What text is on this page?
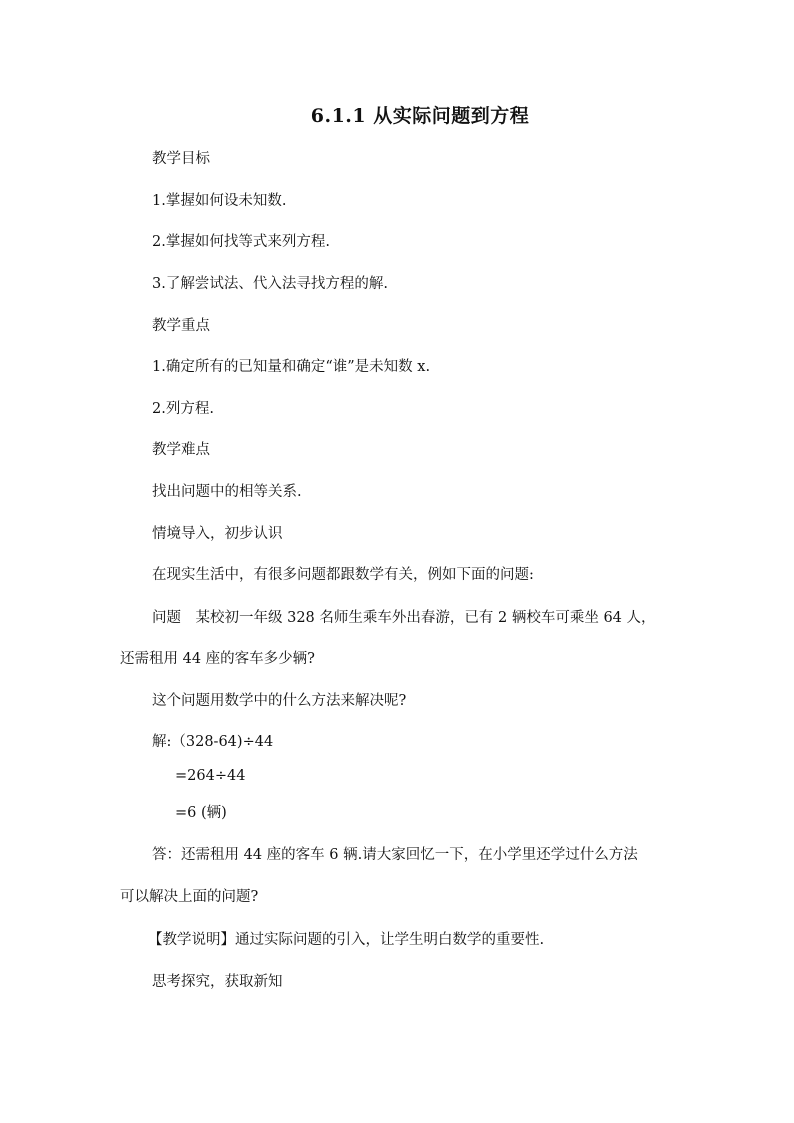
6.1.1 从实际问题到方程
教学目标
1.掌握如何设未知数.
2.掌握如何找等式来列方程.
3.了解尝试法、代入法寻找方程的解.
教学重点
1.确定所有的已知量和确定“谁”是未知数 x.
2.列方程.
教学难点
找出问题中的相等关系.
情境导入，初步认识
在现实生活中，有很多问题都跟数学有关，例如下面的问题:
问题　某校初一年级 328 名师生乘车外出春游，已有 2 辆校车可乘坐 64 人，
还需租用 44 座的客车多少辆?
这个问题用数学中的什么方法来解决呢?
解:（328-64)÷44
=264÷44
=6 (辆)
答：还需租用 44 座的客车 6 辆.请大家回忆一下，在小学里还学过什么方法
可以解决上面的问题?
【教学说明】通过实际问题的引入，让学生明白数学的重要性.
思考探究，获取新知
